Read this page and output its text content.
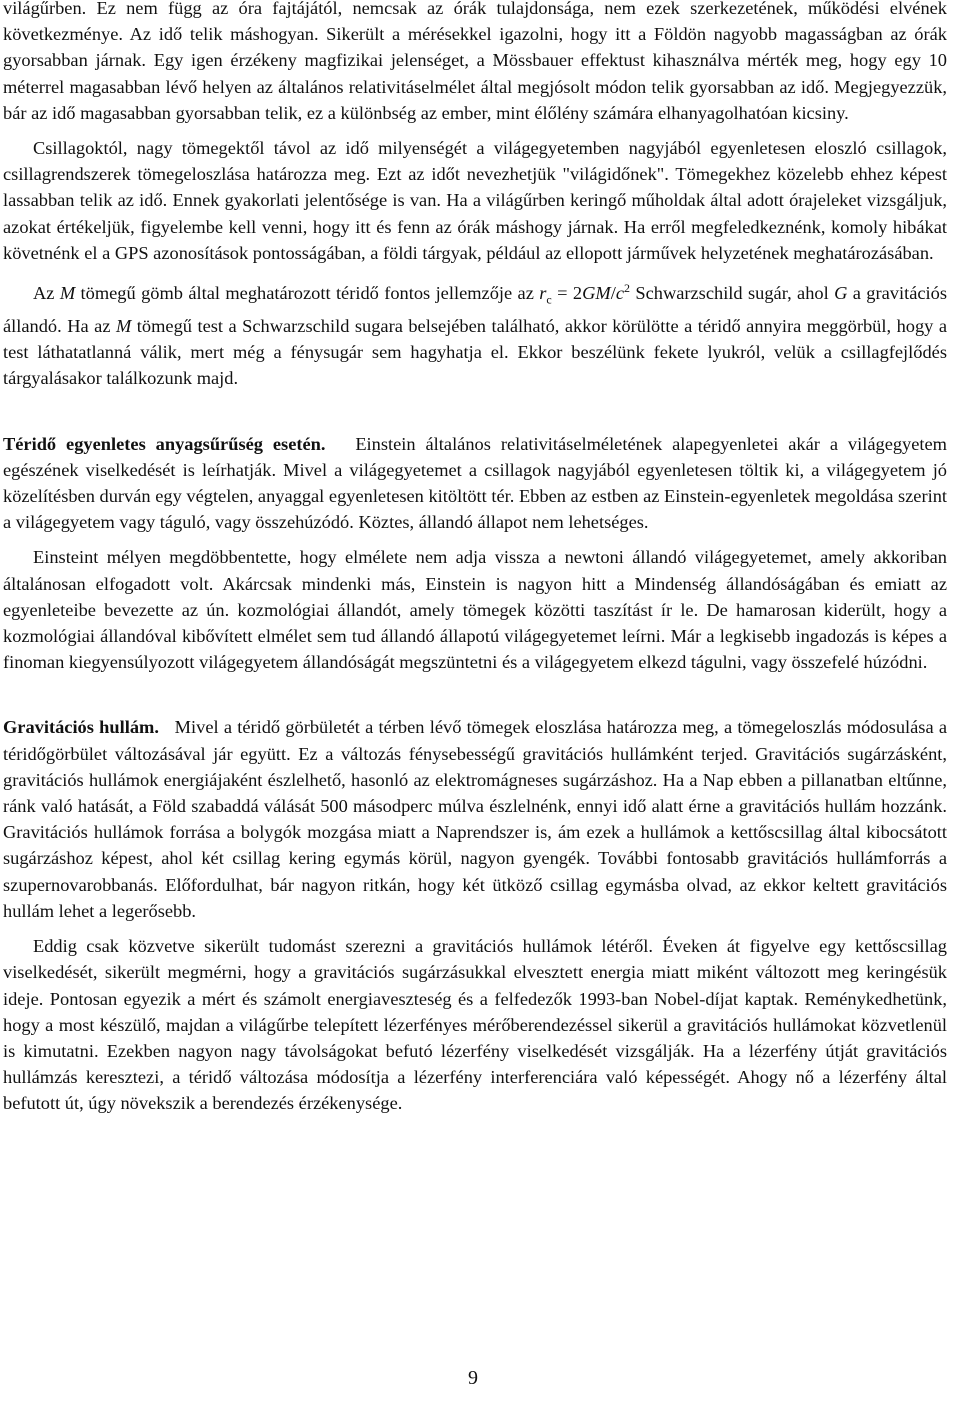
világűrben. Ez nem függ az óra fajtájától, nemcsak az órák tulajdonsága, nem ezek szerkezetének, működési elvének következménye. Az idő telik máshogyan. Sikerült a mérésekkel igazolni, hogy itt a Földön nagyobb magasságban az órák gyorsabban járnak. Egy igen érzékeny magfizikai jelenséget, a Mössbauer effektust kihasználva mérték meg, hogy egy 10 méterrel magasabban lévő helyen az általános relativitáselmélet által megjósolt módon telik gyorsabban az idő. Megjegyezzük, bár az idő magasabban gyorsabban telik, ez a különbség az ember, mint élőlény számára elhanyagolhatóan kicsiny.

Csillagoktól, nagy tömegektől távol az idő milyenségét a világegyetemben nagyjából egyenletesen eloszló csillagok, csillagrendszerek tömegeloszlása határozza meg. Ezt az időt nevezhetjük "világidőnek". Tömegekhez közelebb ehhez képest lassabban telik az idő. Ennek gyakorlati jelentősége is van. Ha a világűrben keringő műholdak által adott órajeleket vizsgáljuk, azokat értékeljük, figyelembe kell venni, hogy itt és fenn az órák máshogy járnak. Ha erről megfeledkeznénk, komoly hibákat követnénk el a GPS azonosítások pontosságában, a földi tárgyak, például az ellopott járművek helyzetének meghatározásában.

Az M tömegű gömb által meghatározott téridő fontos jellemzője az $r_c = 2GM/c^2$ Schwarzschild sugár, ahol G a gravitációs állandó. Ha az M tömegű test a Schwarzschild sugara belsejében található, akkor körülötte a téridő annyira meggörbül, hogy a test láthatatlanná válik, mert még a fénysugár sem hagyhatja el. Ekkor beszélünk fekete lyukról, velük a csillagfejlődés tárgyalásakor találkozunk majd.

Téridő egyenletes anyagsűrűség esetén. Einstein általános relativitáselméletének alapegyenletei akár a világegyetem egészének viselkedését is leírhatják. Mivel a világegyetemet a csillagok nagyjából egyenletesen töltik ki, a világegyetem jó közelítésben durván egy végtelen, anyaggal egyenletesen kitöltött tér. Ebben az estben az Einstein-egyenletek megoldása szerint a világegyetem vagy táguló, vagy összehúzódó. Köztes, állandó állapot nem lehetséges.

Einsteint mélyen megdöbbentette, hogy elmélete nem adja vissza a newtoni állandó világegyetemet, amely akkoriban általánosan elfogadott volt. Akárcsak mindenki más, Einstein is nagyon hitt a Mindenség állandóságában és emiatt az egyenleteibe bevezette az ún. kozmológiai állandót, amely tömegek közötti taszítást ír le. De hamarosan kiderült, hogy a kozmológiai állandóval kibővített elmélet sem tud állandó állapotú világegyetemet leírni. Már a legkisebb ingadozás is képes a finoman kiegyensúlyozott világegyetem állandóságát megszüntetni és a világegyetem elkezd tágulni, vagy összefelé húzódni.

Gravitációs hullám. Mivel a téridő görbületét a térben lévő tömegek eloszlása határozza meg, a tömegeloszlás módosulása a téridőgörbület változásával jár együtt. Ez a változás fénysebességű gravitációs hullámként terjed. Gravitációs sugárzásként, gravitációs hullámok energiájaként észlelhető, hasonló az elektromágneses sugárzáshoz. Ha a Nap ebben a pillanatban eltűnne, ránk való hatását, a Föld szabaddá válását 500 másodperc múlva észlelnénk, ennyi idő alatt érne a gravitációs hullám hozzánk. Gravitációs hullámok forrása a bolygók mozgása miatt a Naprendszer is, ám ezek a hullámok a kettőscsillag által kibocsátott sugárzáshoz képest, ahol két csillag kering egymás körül, nagyon gyengék. További fontosabb gravitációs hullámforrás a szupernovarobbanás. Előfordulhat, bár nagyon ritkán, hogy két ütköző csillag egymásba olvad, az ekkor keltett gravitációs hullám lehet a legerősebb.

Eddig csak közvetve sikerült tudomást szerezni a gravitációs hullámok létéről. Éveken át figyelve egy kettőscsillag viselkedését, sikerült megmérni, hogy a gravitációs sugárzásukkal elvesztett energia miatt miként változott meg keringésük ideje. Pontosan egyezik a mért és számolt energiaveszteség és a felfedezők 1993-ban Nobel-díjat kaptak. Reménykedhetünk, hogy a most készülő, majdan a világűrbe telepített lézerfényes mérőberendezéssel sikerül a gravitációs hullámokat közvetlenül is kimutatni. Ezekben nagyon nagy távolságokat befutó lézerfény viselkedését vizsgálják. Ha a lézerfény útját gravitációs hullámzás keresztezi, a téridő változása módosítja a lézerfény interferenciára való képességét. Ahogy nő a lézerfény által befutott út, úgy növekszik a berendezés érzékenysége.

9
